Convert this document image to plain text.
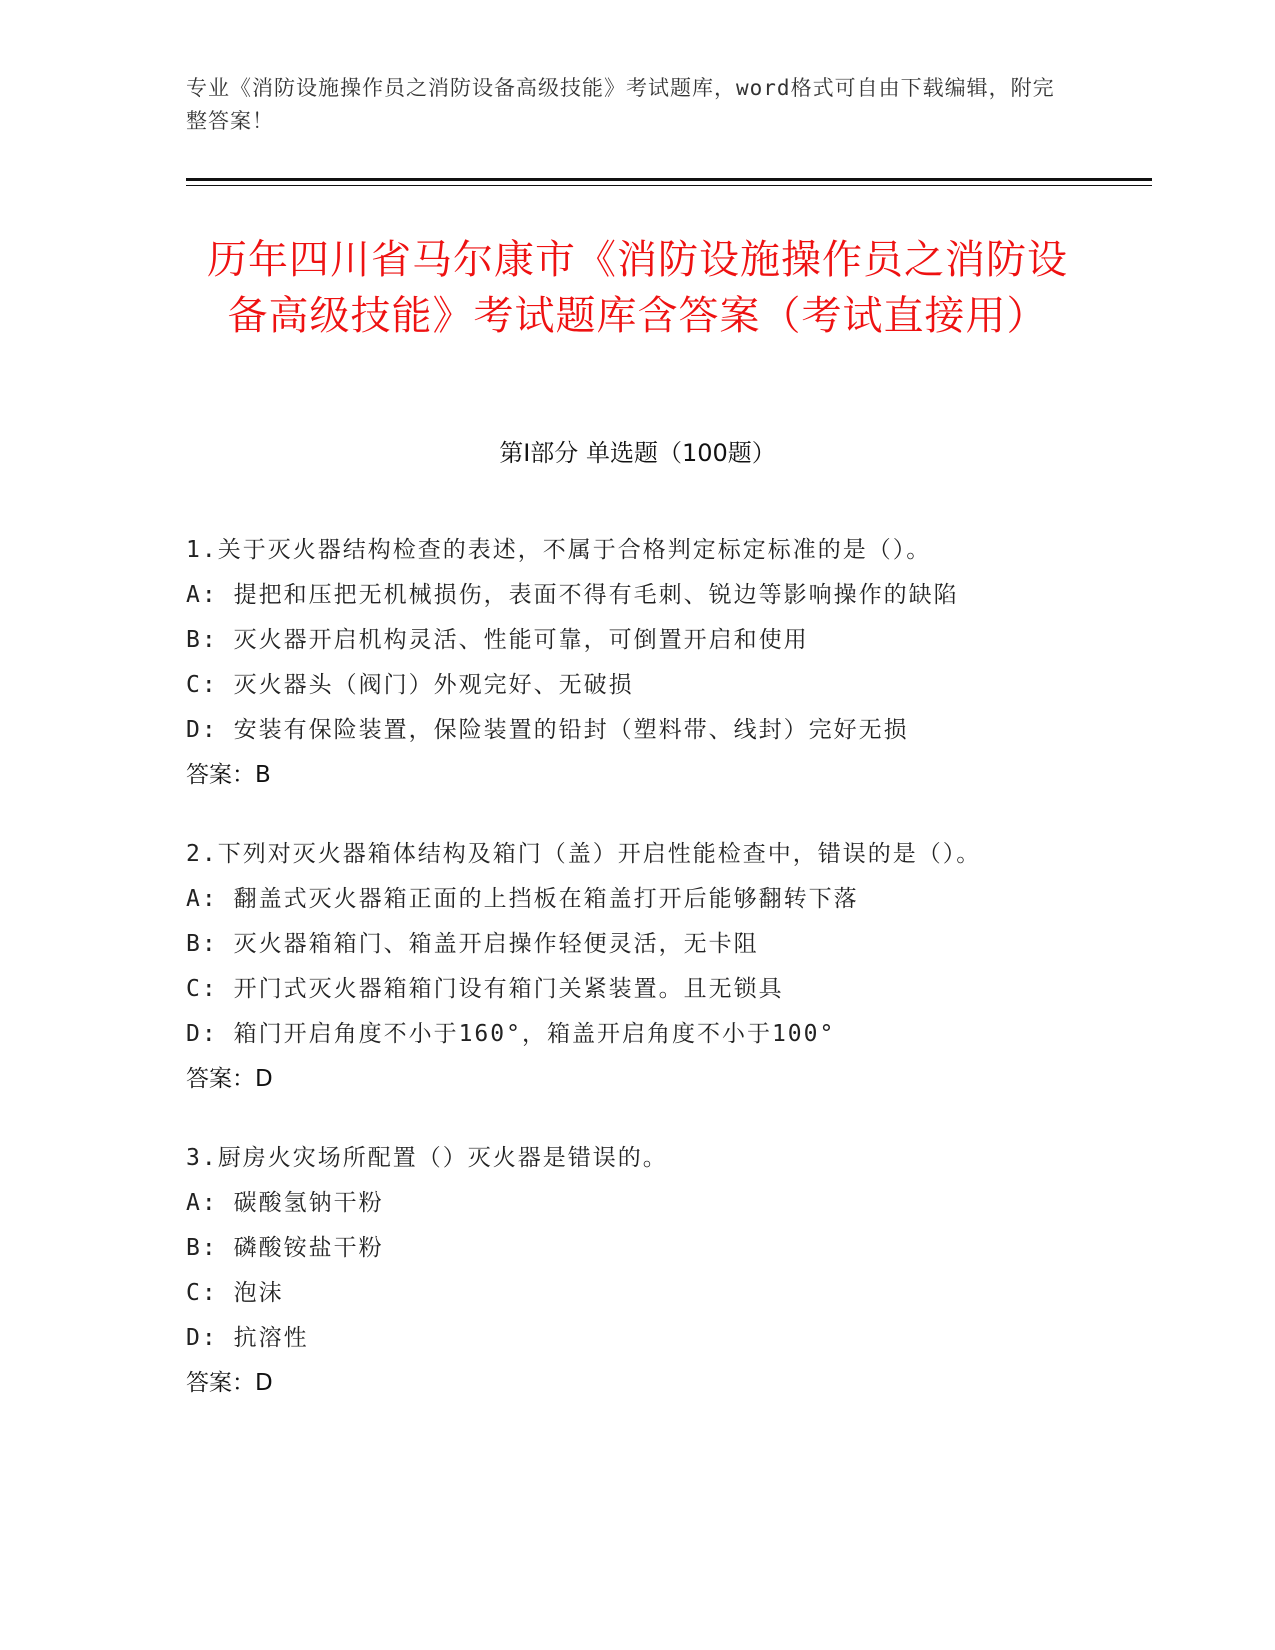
专业《消防设施操作员之消防设备高级技能》考试题库，word格式可自由下载编辑，附完整答案！
历年四川省马尔康市《消防设施操作员之消防设备高级技能》考试题库含答案（考试直接用）
第I部分 单选题（100题）
1.关于灭火器结构检查的表述，不属于合格判定标定标准的是（）。
A: 提把和压把无机械损伤，表面不得有毛刺、锐边等影响操作的缺陷
B: 灭火器开启机构灵活、性能可靠，可倒置开启和使用
C: 灭火器头（阀门）外观完好、无破损
D: 安装有保险装置，保险装置的铅封（塑料带、线封）完好无损
答案：B
2.下列对灭火器箱体结构及箱门（盖）开启性能检查中，错误的是（）。
A: 翻盖式灭火器箱正面的上挡板在箱盖打开后能够翻转下落
B: 灭火器箱箱门、箱盖开启操作轻便灵活，无卡阻
C: 开门式灭火器箱箱门设有箱门关紧装置。且无锁具
D: 箱门开启角度不小于160°，箱盖开启角度不小于100°
答案：D
3.厨房火灾场所配置（）灭火器是错误的。
A: 碳酸氢钠干粉
B: 磷酸铵盐干粉
C: 泡沫
D: 抗溶性
答案：D
